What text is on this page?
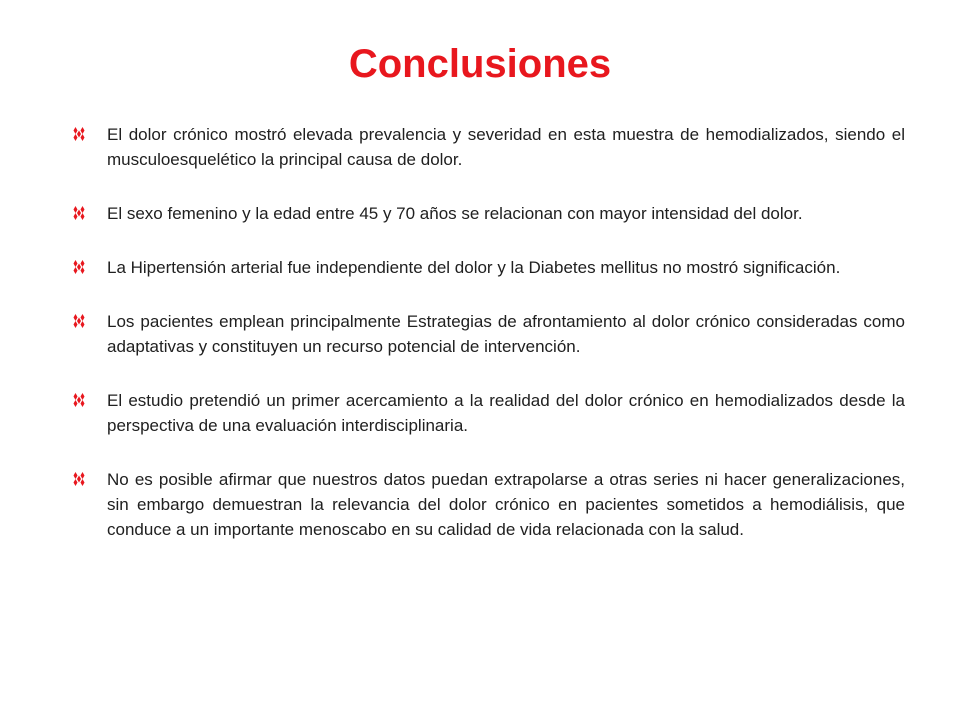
Conclusiones

El dolor crónico mostró elevada prevalencia y severidad en esta muestra de hemodializados, siendo el musculoesquelético la principal causa de dolor.

El sexo femenino y la edad entre 45 y 70 años se relacionan con mayor intensidad del dolor.

La Hipertensión arterial fue independiente del dolor y la Diabetes mellitus no mostró significación.

Los pacientes emplean principalmente Estrategias de afrontamiento al dolor crónico consideradas como adaptativas y constituyen un recurso potencial de intervención.

El estudio pretendió un primer acercamiento a la realidad del dolor crónico en hemodializados desde la perspectiva de una evaluación interdisciplinaria.

No es posible afirmar que nuestros datos puedan extrapolarse a otras series ni hacer generalizaciones, sin embargo demuestran la relevancia del dolor crónico en pacientes sometidos a hemodiálisis, que conduce a un importante menoscabo en su calidad de vida relacionada con la salud.
